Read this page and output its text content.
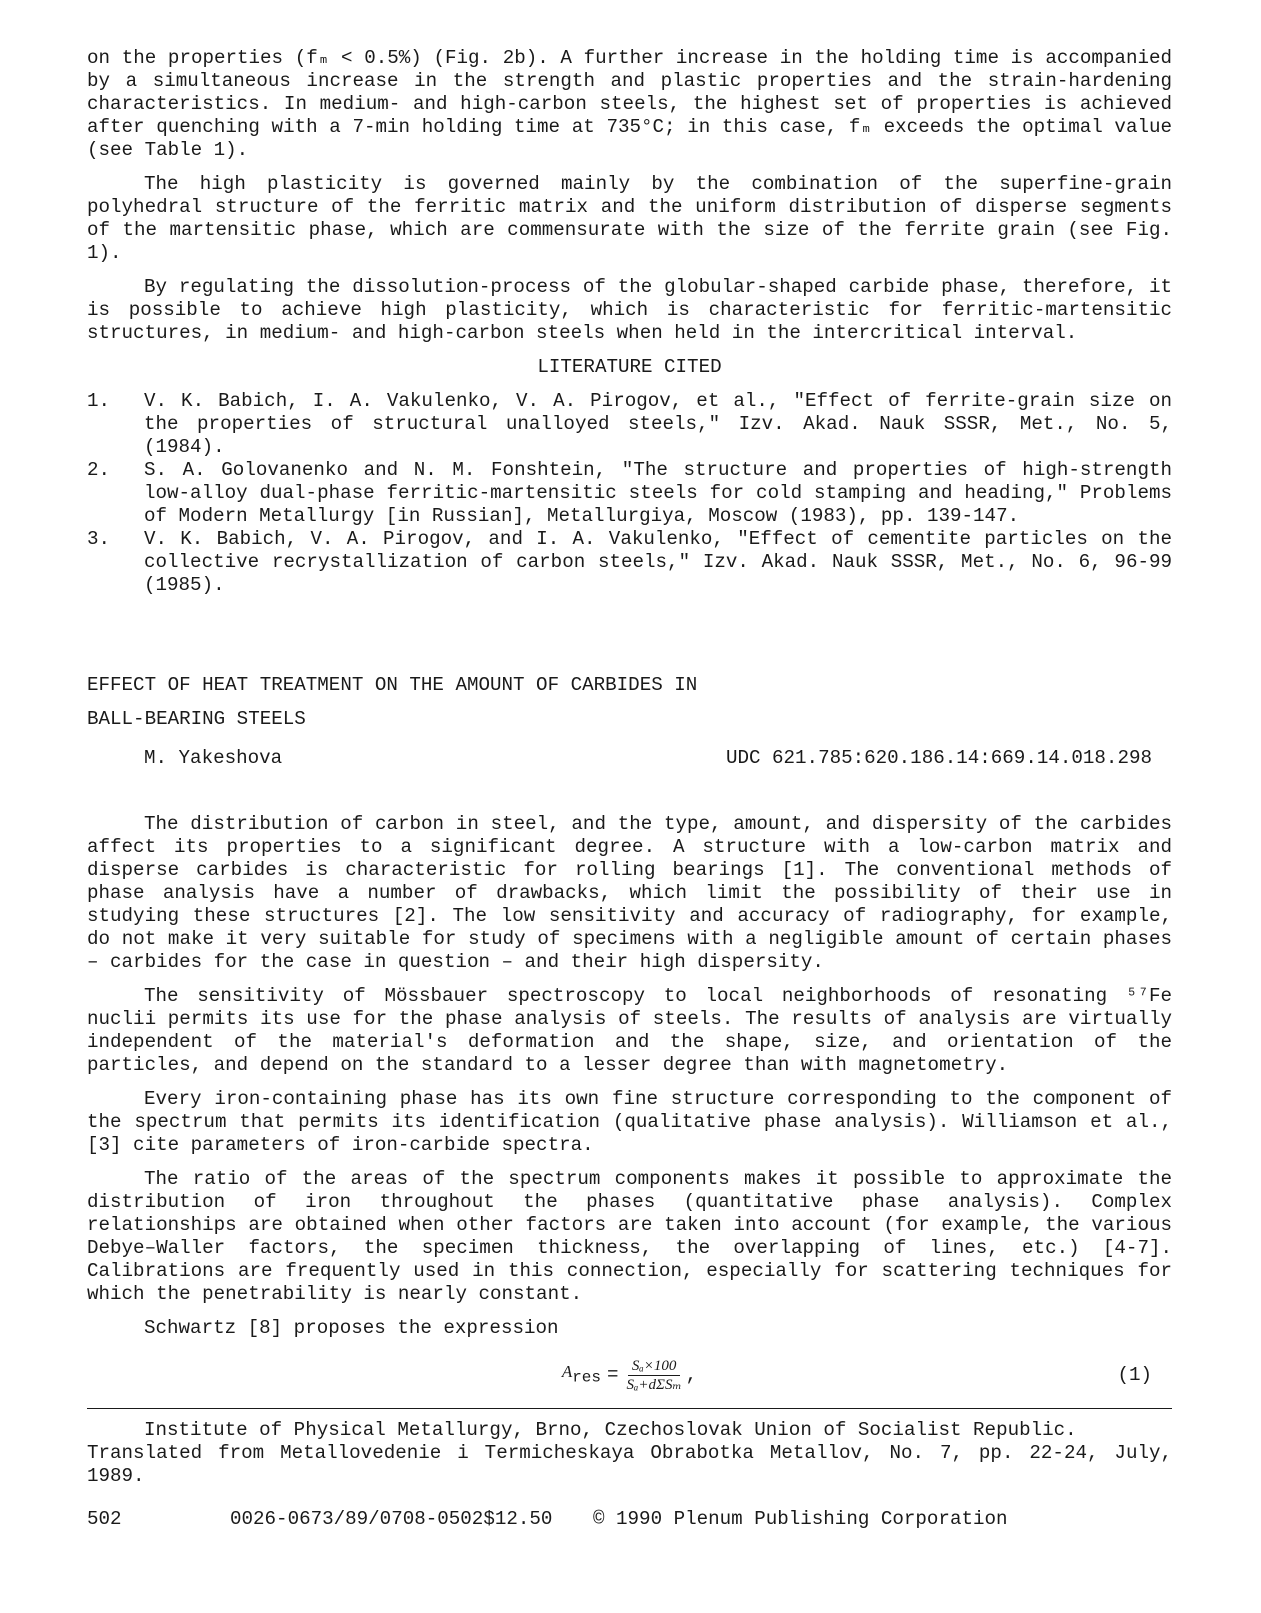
on the properties (fₘ < 0.5%) (Fig. 2b). A further increase in the holding time is accompanied by a simultaneous increase in the strength and plastic properties and the strain-hardening characteristics. In medium- and high-carbon steels, the highest set of properties is achieved after quenching with a 7-min holding time at 735°C; in this case, fₘ exceeds the optimal value (see Table 1).

The high plasticity is governed mainly by the combination of the superfine-grain polyhedral structure of the ferritic matrix and the uniform distribution of disperse segments of the martensitic phase, which are commensurate with the size of the ferrite grain (see Fig. 1).

By regulating the dissolution-process of the globular-shaped carbide phase, therefore, it is possible to achieve high plasticity, which is characteristic for ferritic-martensitic structures, in medium- and high-carbon steels when held in the intercritical interval.

LITERATURE CITED

1. V. K. Babich, I. A. Vakulenko, V. A. Pirogov, et al., "Effect of ferrite-grain size on the properties of structural unalloyed steels," Izv. Akad. Nauk SSSR, Met., No. 5, (1984).
2. S. A. Golovanenko and N. M. Fonshtein, "The structure and properties of high-strength low-alloy dual-phase ferritic-martensitic steels for cold stamping and heading," Problems of Modern Metallurgy [in Russian], Metallurgiya, Moscow (1983), pp. 139-147.
3. V. K. Babich, V. A. Pirogov, and I. A. Vakulenko, "Effect of cementite particles on the collective recrystallization of carbon steels," Izv. Akad. Nauk SSSR, Met., No. 6, 96-99 (1985).

EFFECT OF HEAT TREATMENT ON THE AMOUNT OF CARBIDES IN

BALL-BEARING STEELS

M. Yakeshova	UDC 621.785:620.186.14:669.14.018.298

The distribution of carbon in steel, and the type, amount, and dispersity of the carbides affect its properties to a significant degree. A structure with a low-carbon matrix and disperse carbides is characteristic for rolling bearings [1]. The conventional methods of phase analysis have a number of drawbacks, which limit the possibility of their use in studying these structures [2]. The low sensitivity and accuracy of radiography, for example, do not make it very suitable for study of specimens with a negligible amount of certain phases – carbides for the case in question – and their high dispersity.

The sensitivity of Mössbauer spectroscopy to local neighborhoods of resonating ⁵⁷Fe nuclii permits its use for the phase analysis of steels. The results of analysis are virtually independent of the material's deformation and the shape, size, and orientation of the particles, and depend on the standard to a lesser degree than with magnetometry.

Every iron-containing phase has its own fine structure corresponding to the component of the spectrum that permits its identification (qualitative phase analysis). Williamson et al., [3] cite parameters of iron-carbide spectra.

The ratio of the areas of the spectrum components makes it possible to approximate the distribution of iron throughout the phases (quantitative phase analysis). Complex relationships are obtained when other factors are taken into account (for example, the various Debye–Waller factors, the specimen thickness, the overlapping of lines, etc.) [4-7]. Calibrations are frequently used in this connection, especially for scattering techniques for which the penetrability is nearly constant.

Schwartz [8] proposes the expression

$A_{res} = \frac{\text{Sₐ×100}}{\text{Sₐ+dΣSₘ}}$ ,	(1)

Institute of Physical Metallurgy, Brno, Czechoslovak Union of Socialist Republic.

Translated from Metallovedenie i Termicheskaya Obrabotka Metallov, No. 7, pp. 22-24, July, 1989.

502	0026-0673/89/0708-0502$12.50	© 1990 Plenum Publishing Corporation
